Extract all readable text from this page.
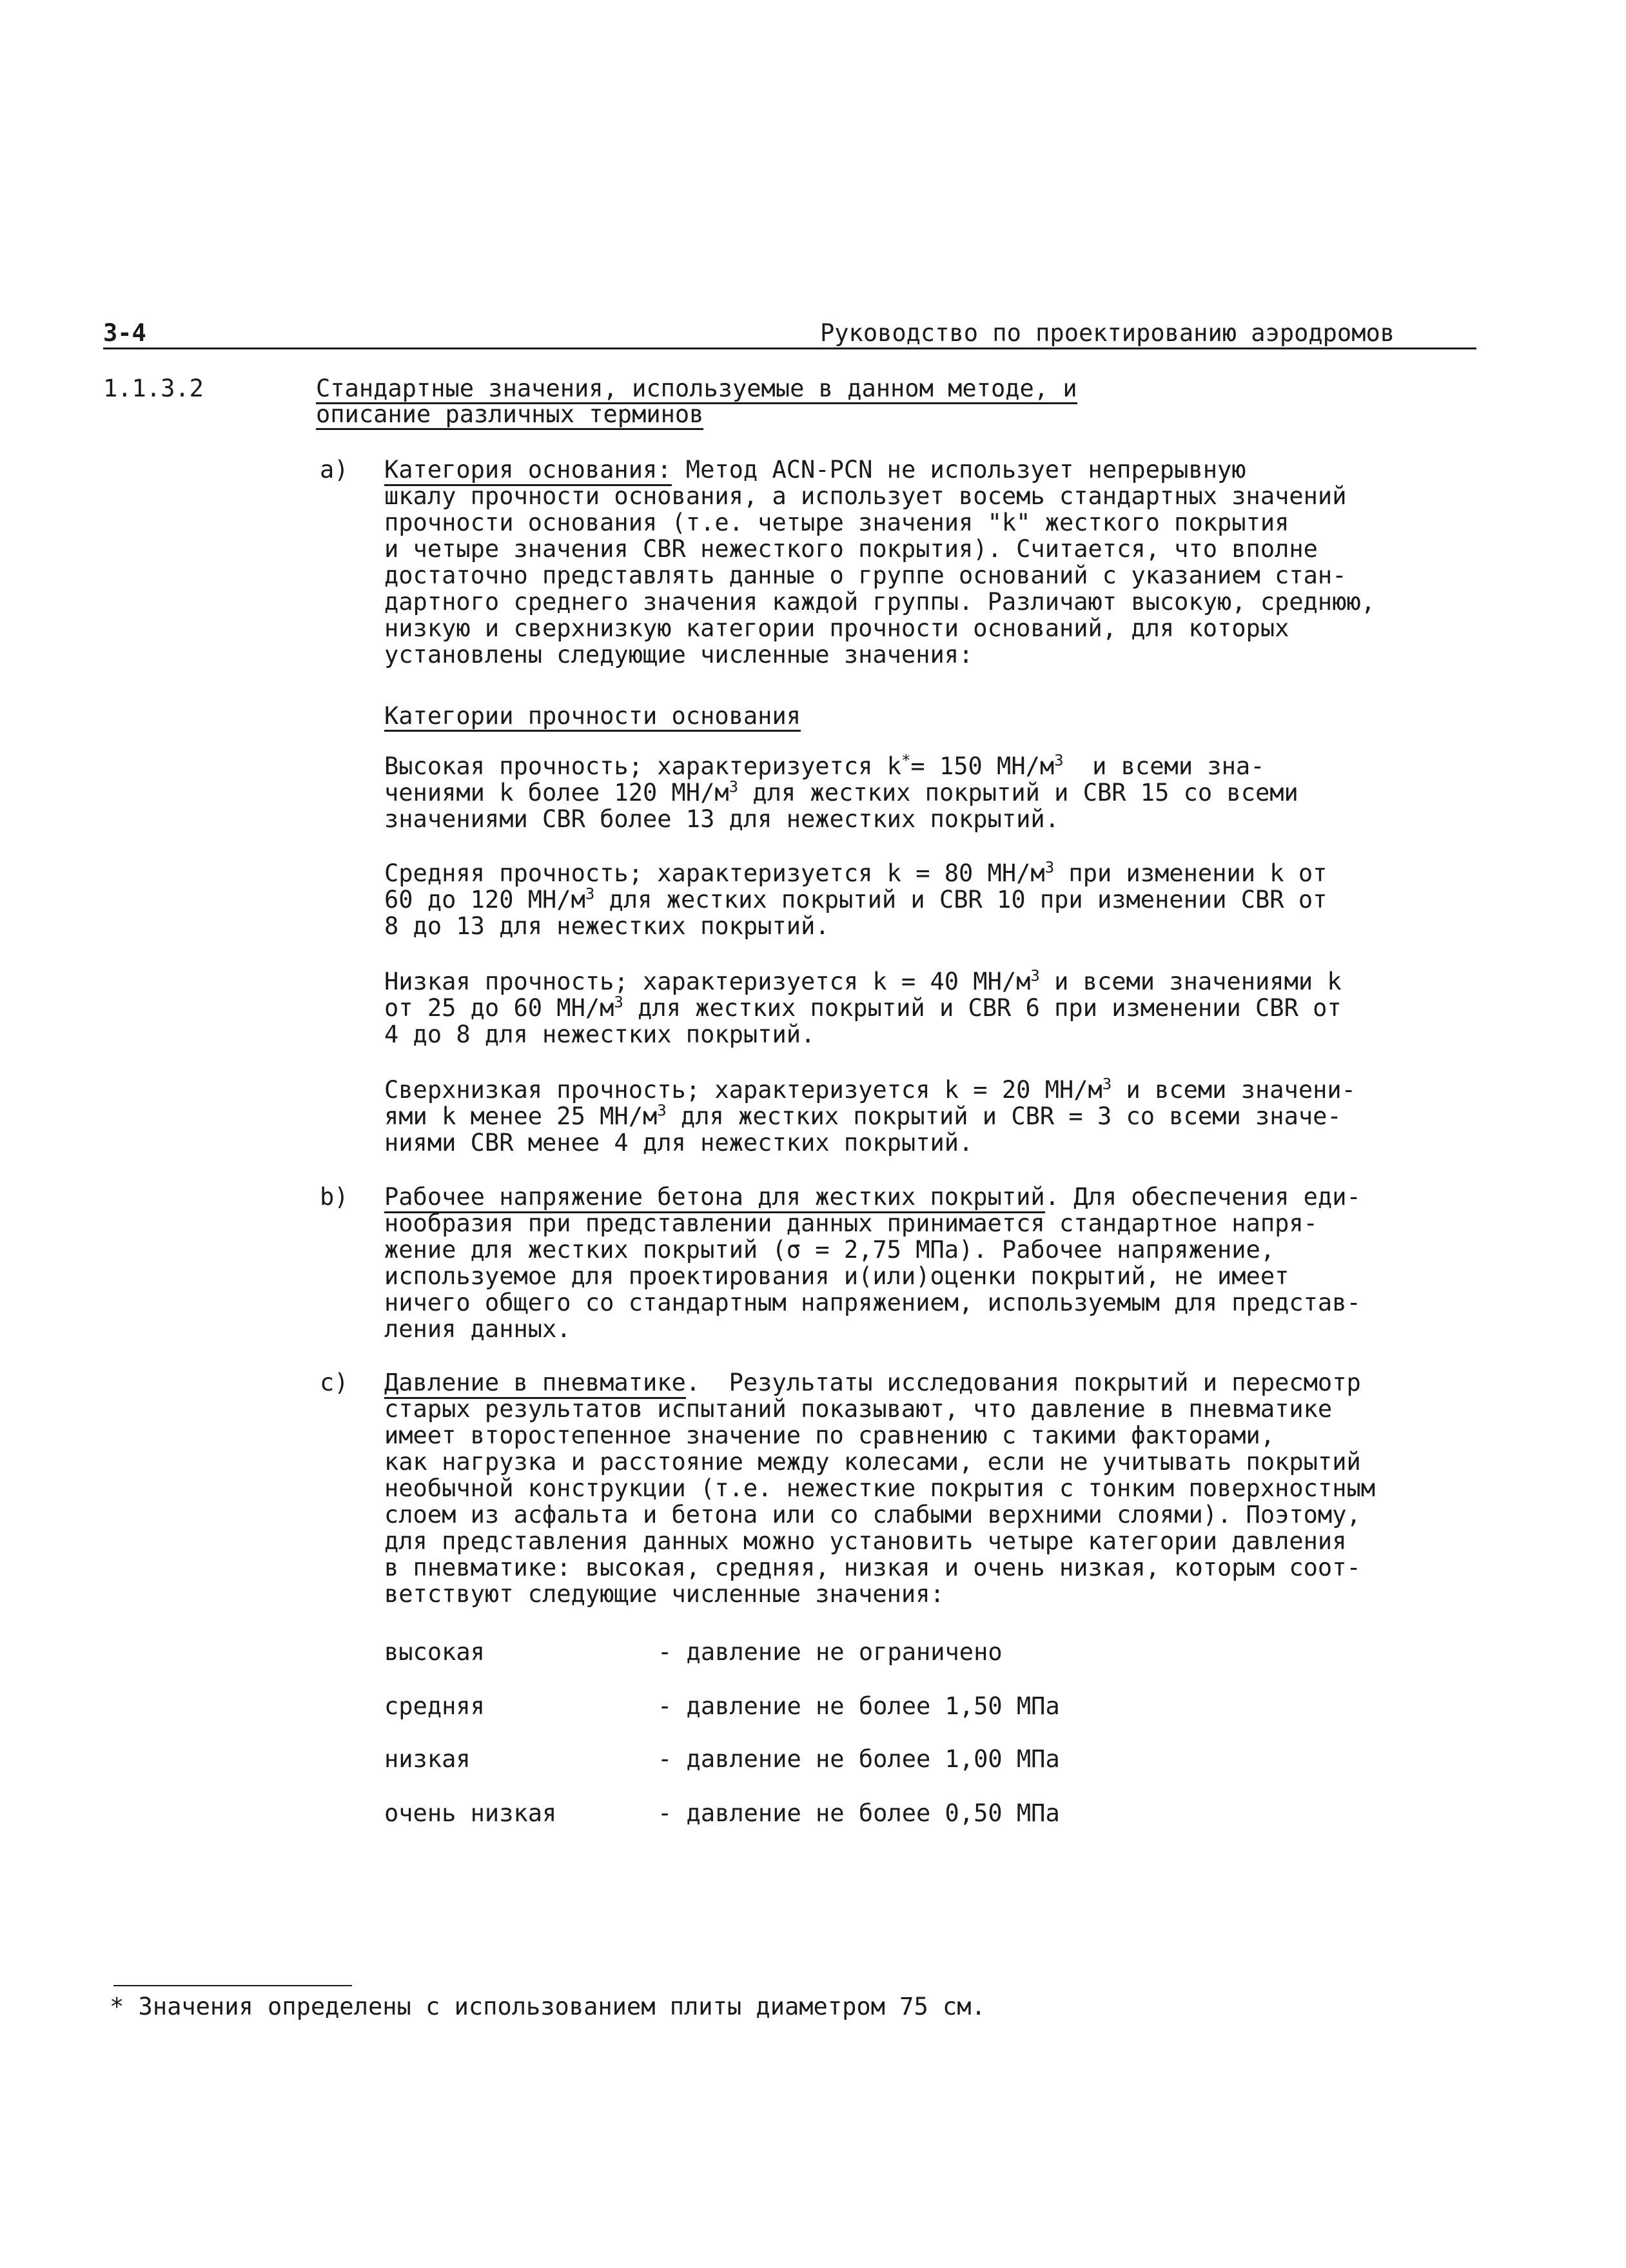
3-4	Руководство по проектированию аэродромов
1.1.3.2	Стандартные значения, используемые в данном методе, и
описание различных терминов
a) Категория основания: Метод ACN-PCN не использует непрерывную
шкалу прочности основания, а использует восемь стандартных значений
прочности основания (т.е. четыре значения "k" жесткого покрытия
и четыре значения CBR нежесткого покрытия). Считается, что вполне
достаточно представлять данные о группе оснований с указанием стан-
дартного среднего значения каждой группы. Различают высокую, среднюю,
низкую и сверхнизкую категории прочности оснований, для которых
установлены следующие численные значения:
Категории прочности основания
Высокая прочность; характеризуется k*= 150 $МН/м^3$  и всеми зна-
чениями k более 120 $МН/м^3$ для жестких покрытий и CBR 15 со всеми
значениями CBR более 13 для нежестких покрытий.
Средняя прочность; характеризуется k = 80 $МН/м^3$ при изменении k от
60 до 120 $МН/м^3$ для жестких покрытий и CBR 10 при изменении CBR от
8 до 13 для нежестких покрытий.
Низкая прочность; характеризуется k = 40 $МН/м^3$ и всеми значениями k
от 25 до 60 $МН/м^3$ для жестких покрытий и CBR 6 при изменении CBR от
4 до 8 для нежестких покрытий.
Сверхнизкая прочность; характеризуется k = 20 $МН/м^3$ и всеми значени-
ями k менее 25 $МН/м^3$ для жестких покрытий и CBR = 3 со всеми значе-
ниями CBR менее 4 для нежестких покрытий.
b) Рабочее напряжение бетона для жестких покрытий. Для обеспечения еди-
нообразия при представлении данных принимается стандартное напря-
жение для жестких покрытий (σ = 2,75 МПа). Рабочее напряжение,
используемое для проектирования и(или)оценки покрытий, не имеет
ничего общего со стандартным напряжением, используемым для представ-
ления данных.
c) Давление в пневматике.  Результаты исследования покрытий и пересмотр
старых результатов испытаний показывают, что давление в пневматике
имеет второстепенное значение по сравнению с такими факторами,
как нагрузка и расстояние между колесами, если не учитывать покрытий
необычной конструкции (т.е. нежесткие покрытия с тонким поверхностным
слоем из асфальта и бетона или со слабыми верхними слоями). Поэтому,
для представления данных можно установить четыре категории давления
в пневматике: высокая, средняя, низкая и очень низкая, которым соот-
ветствуют следующие численные значения:
высокая	- давление не ограничено
средняя	- давление не более 1,50 МПа
низкая	- давление не более 1,00 МПа
очень низкая	- давление не более 0,50 МПа
* Значения определены с использованием плиты диаметром 75 см.
